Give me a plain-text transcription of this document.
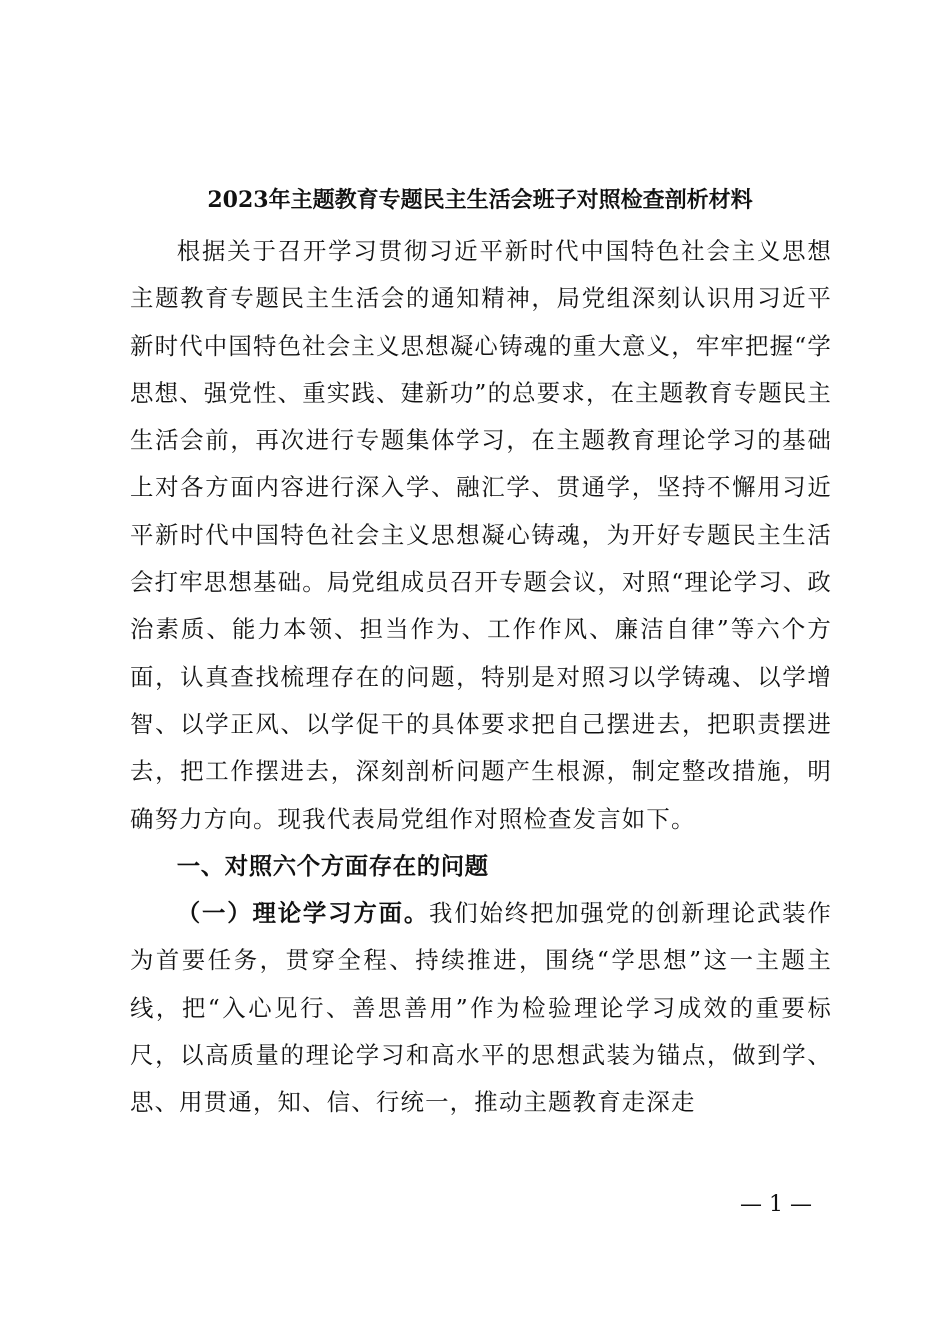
2023年主题教育专题民主生活会班子对照检查剖析材料

根据关于召开学习贯彻习近平新时代中国特色社会主义思想主题教育专题民主生活会的通知精神，局党组深刻认识用习近平新时代中国特色社会主义思想凝心铸魂的重大意义，牢牢把握“学思想、强党性、重实践、建新功”的总要求，在主题教育专题民主生活会前，再次进行专题集体学习，在主题教育理论学习的基础上对各方面内容进行深入学、融汇学、贯通学，坚持不懈用习近平新时代中国特色社会主义思想凝心铸魂，为开好专题民主生活会打牢思想基础。局党组成员召开专题会议，对照“理论学习、政治素质、能力本领、担当作为、工作作风、廉洁自律”等六个方面，认真查找梳理存在的问题，特别是对照习以学铸魂、以学增智、以学正风、以学促干的具体要求把自己摆进去，把职责摆进去，把工作摆进去，深刻剖析问题产生根源，制定整改措施，明确努力方向。现我代表局党组作对照检查发言如下。

一、对照六个方面存在的问题

（一）理论学习方面。我们始终把加强党的创新理论武装作为首要任务，贯穿全程、持续推进，围绕“学思想”这一主题主线，把“入心见行、善思善用”作为检验理论学习成效的重要标尺，以高质量的理论学习和高水平的思想武装为锚点，做到学、思、用贯通，知、信、行统一，推动主题教育走深走

— 1 —
